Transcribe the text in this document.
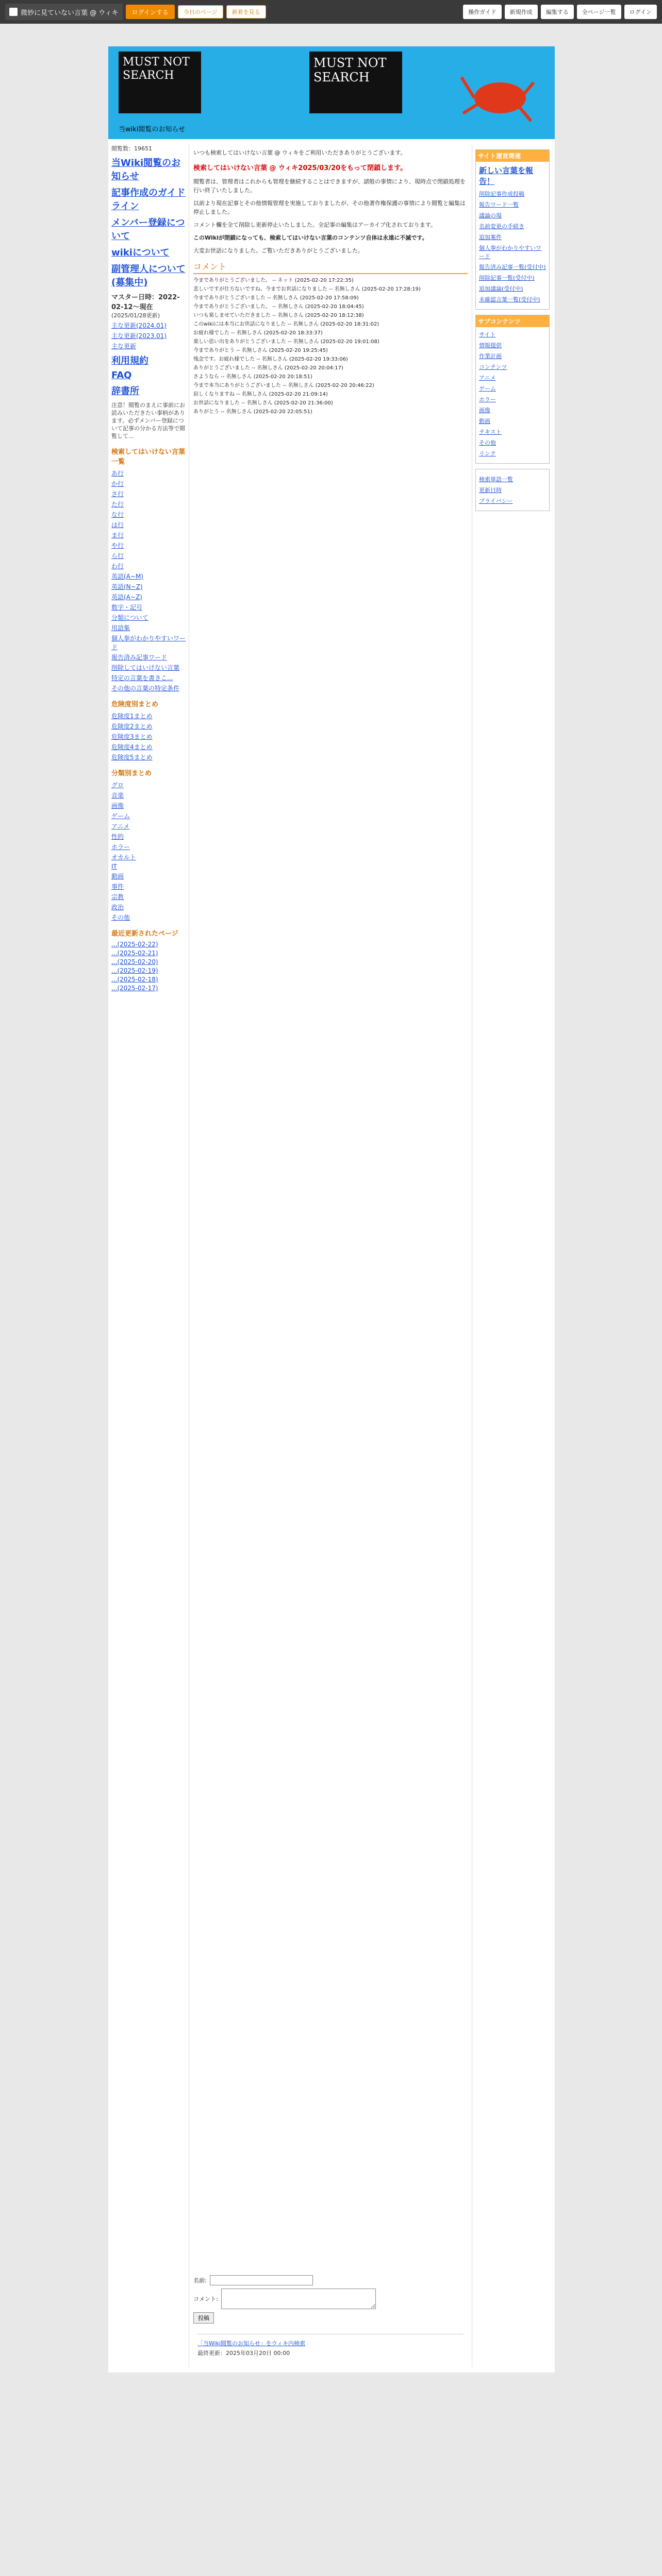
微妙に見ていない言葉 @ ウィキ	ログインする	今日のページ	新着を見る	操作ガイド	新規作成	編集する	全ページ一覧	ログイン
MUST NOT SEARCH
MUST NOT SEARCH
当wiki閲覧のお知らせ
閲覧数：19651
当Wiki閲覧のお知らせ
記事作成のガイドライン
メンバー登録について
wikiについて
副管理人について(募集中)
マスター日時：2022-02-12～現在
(2025/01/28更新)
主な更新(2024.01)
主な更新(2023.01)
主な更新
利用規約
FAQ
辞書所
注意！閲覧のまえに事前にお読みいただきたい事柄があります。必ずメンバー登録について記事の分かる方法等で閲覧して...
検索してはいけない言葉 一覧
あ行
か行
さ行
た行
な行
は行
ま行
や行
ら行
わ行
英語(A~M)
英語(N~Z)
英語(A~Z)
数字・記号
分類について
用語集
個人拳がわかりやすいワード
報告済み記事ワード
削除してはいけない言葉
特定の言葉を書きこ...
その他の言葉の特定条件
危険度別まとめ
危険度1まとめ
危険度2まとめ
危険度3まとめ
危険度4まとめ
危険度5まとめ
分類別まとめ
グロ
音楽
画像
ゲーム
アニメ
性的
ホラー
オカルト
IT
動画
事件
宗教
政治
その他
最近更新されたページ
...(2025-02-22)
...(2025-02-21)
...(2025-02-20)
...(2025-02-19)
...(2025-02-18)
...(2025-02-17)
いつも検索してはいけない言葉 @ ウィキをご利用いただきありがとうございます。
検索してはいけない言葉 @ ウィキ2025/03/20をもって閉鎖します。
閲覧者は、管理者はこれからも管理を継続することはできますが、諸般の事情により、現時点で閉鎖処理を行い終了いたしました。
以前より現在記事とその他情報管理を実施しておりましたが、その他著作権保護の事情により閲覧と編集は停止しました。
コメント欄を全て削除し更新停止いたしました。全記事の編集はアーカイブ化されております。
このWikiが閉鎖になっても、検索してはいけない言葉のコンテンツ自体は永遠に不滅です。
大変お世話になりました。ご覧いただきありがとうございました。
コメント
今までありがとうございました。 -- ネット (2025-02-20 17:22:35)
悲しいですが仕方ないですね、今までお世話になりました -- 名無しさん (2025-02-20 17:28:19)
今までありがとうございました -- 名無しさん (2025-02-20 17:58:09)
今までありがとうございました。 -- 名無しさん (2025-02-20 18:04:45)
いつも楽しませていただきました -- 名無しさん (2025-02-20 18:12:38)
このwikiには本当にお世話になりました -- 名無しさん (2025-02-20 18:31:02)
お疲れ様でした -- 名無しさん (2025-02-20 18:33:37)
楽しい思い出をありがとうございました -- 名無しさん (2025-02-20 19:01:08)
今までありがとう -- 名無しさん (2025-02-20 19:25:45)
残念です。お疲れ様でした -- 名無しさん (2025-02-20 19:33:06)
ありがとうございました -- 名無しさん (2025-02-20 20:04:17)
さようなら -- 名無しさん (2025-02-20 20:18:51)
今まで本当にありがとうございました -- 名無しさん (2025-02-20 20:46:22)
寂しくなりますね -- 名無しさん (2025-02-20 21:09:14)
お世話になりました -- 名無しさん (2025-02-20 21:36:00)
ありがとう -- 名無しさん (2025-02-20 22:05:51)
名前:
コメント:
投稿
「当Wiki閲覧のお知らせ」をウィキ内検索
最終更新：2025年03月20日 00:00
サイト運営関連
新しい言葉を報告！
削除記事作成投稿
報告ワード一覧
議論の場
名前変更の手続き
追加案件
個人拳がわかりやすいワード
報告済み記事一覧(受付中)
削除記事一覧(受付中)
追加議論(受付中)
未確認言葉一覧(受付中)
サブコンテンツ
サイト
情報提供
作業計画
コンテンツ
アニメ
ゲーム
ホラー
画像
動画
テキスト
その他
リンク
検索単語一覧
更新日時
プライバシー
